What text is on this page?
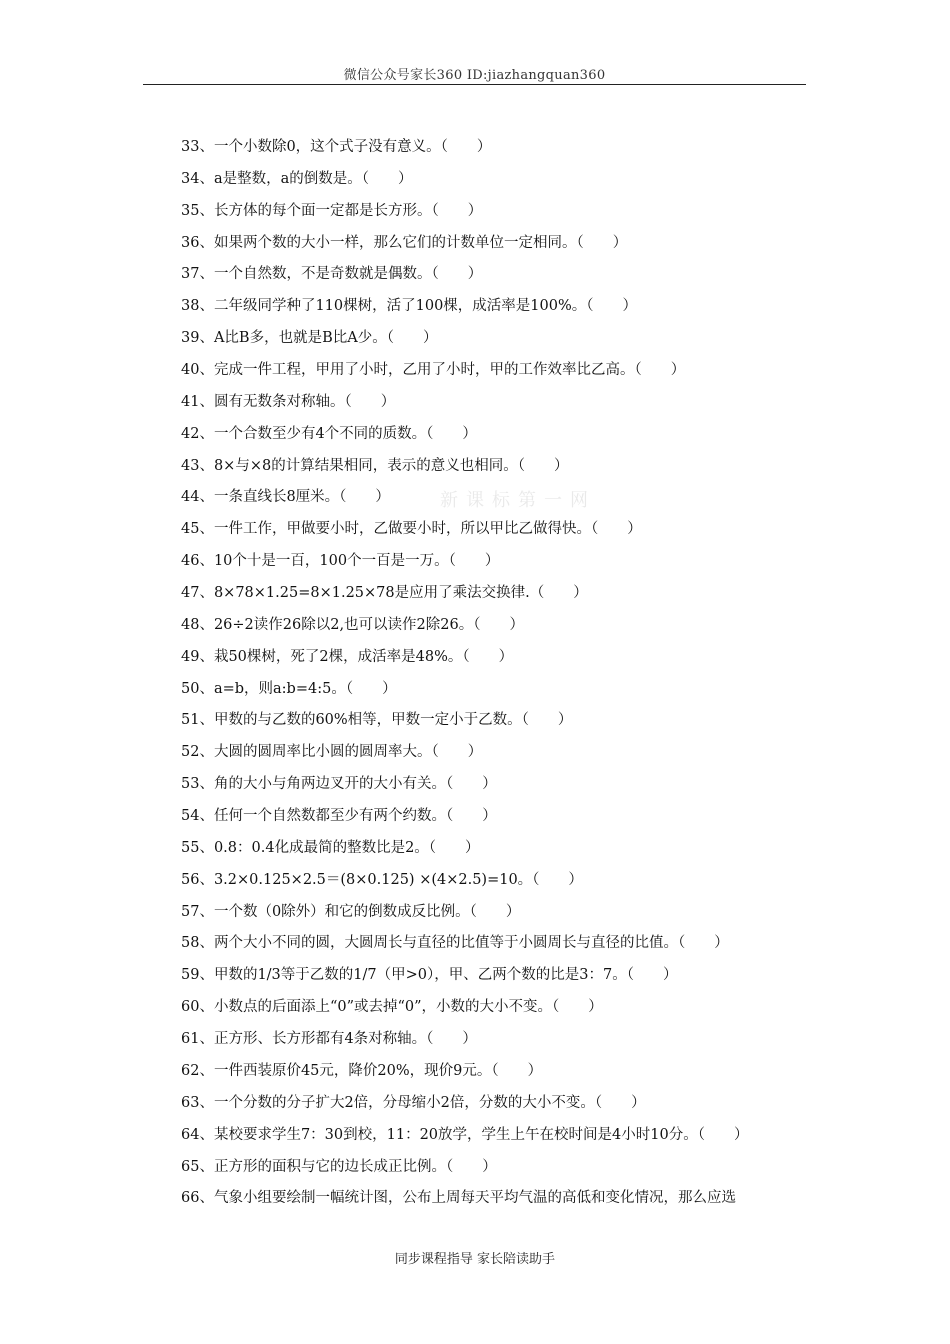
微信公众号家长360 ID:jiazhangquan360
新课标第一网
33、一个小数除0，这个式子没有意义。（　　）
34、a是整数，a的倒数是。（　　）
35、长方体的每个面一定都是长方形。（　　）
36、如果两个数的大小一样，那么它们的计数单位一定相同。（　　）
37、一个自然数，不是奇数就是偶数。（　　）
38、二年级同学种了110棵树，活了100棵，成活率是100%。（　　）
39、A比B多，也就是B比A少。（　　）
40、完成一件工程，甲用了小时，乙用了小时，甲的工作效率比乙高。（　　）
41、圆有无数条对称轴。（　　）
42、一个合数至少有4个不同的质数。（　　）
43、8×与×8的计算结果相同，表示的意义也相同。（　　）
44、一条直线长8厘米。（　　）
45、一件工作，甲做要小时，乙做要小时，所以甲比乙做得快。（　　）
46、10个十是一百，100个一百是一万。（　　）
47、8×78×1.25=8×1.25×78是应用了乘法交换律.（　　）
48、26÷2读作26除以2,也可以读作2除26。（　　）
49、栽50棵树，死了2棵，成活率是48%。（　　）
50、a=b，则a:b=4:5。（　　）
51、甲数的与乙数的60%相等，甲数一定小于乙数。（　　）
52、大圆的圆周率比小圆的圆周率大。（　　）
53、角的大小与角两边叉开的大小有关。（　　）
54、任何一个自然数都至少有两个约数。（　　）
55、0.8：0.4化成最简的整数比是2。（　　）
56、3.2×0.125×2.5＝(8×0.125) ×(4×2.5)=10。（　　）
57、一个数（0除外）和它的倒数成反比例。（　　）
58、两个大小不同的圆，大圆周长与直径的比值等于小圆周长与直径的比值。（　　）
59、甲数的1/3等于乙数的1/7（甲>0），甲、乙两个数的比是3：7。（　　）
60、小数点的后面添上“0”或去掉“0”，小数的大小不变。（　　）
61、正方形、长方形都有4条对称轴。（　　）
62、一件西装原价45元，降价20%，现价9元。（　　）
63、一个分数的分子扩大2倍，分母缩小2倍，分数的大小不变。（　　）
64、某校要求学生7：30到校，11：20放学，学生上午在校时间是4小时10分。（　　）
65、正方形的面积与它的边长成正比例。（　　）
66、气象小组要绘制一幅统计图，公布上周每天平均气温的高低和变化情况，那么应选
同步课程指导 家长陪读助手
